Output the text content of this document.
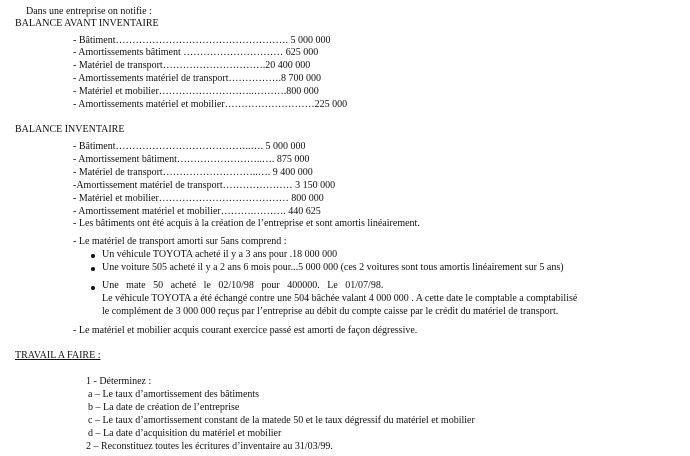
Dans une entreprise on notifie :
BALANCE AVANT INVENTAIRE
- Bâtiment……………………………………………. 5 000 000
- Amortissements bâtiment ………………………… 625 000
- Matériel de transport………………………….20 400 000
- Amortissements matériel de transport…………….8 700 000
- Matériel et mobilier………………………..……….800 000
- Amortissements matériel et mobilier………………………225 000
BALANCE INVENTAIRE
- Bâtiment…………………………………..…. 5 000 000
- Amortissement bâtiment……………………..…. 875 000
- Matériel de transport………………………..…. 9 400 000
-Amortissement matériel de transport………………… 3 150 000
- Matériel et mobilier………………………………… 800 000
- Amortissement matériel et mobilier……….………. 440 625
- Les bâtiments ont été acquis à la création de l’entreprise et sont amortis linéairement.
- Le matériel de transport amorti sur 5ans comprend :
Un véhicule TOYOTA acheté il y a 3 ans pour .18 000 000
Une voiture 505 acheté il y a 2 ans 6 mois pour...5 000 000 (ces 2 voitures sont tous amortis linéairement sur 5 ans)
Une mate 50 acheté le 02/10/98 pour 400000. Le 01/07/98.
Le véhicule TOYOTA a été échangé contre une 504 bâchée valant 4 000 000 . A cette date le comptable a comptabilisé
le complément de 3 000 000 reçus par l’entreprise au débit du compte caisse par le crédit du matériel de transport.
- Le matériel et mobilier acquis courant exercice passé est amorti de façon dégressive.
TRAVAIL A FAIRE :
1 - Déterminez :
a – Le taux d’amortissement des bâtiments
b – La date de création de l’entreprise
c – Le taux d’amortissement constant de la matede 50 et le taux dégressif du matériel et mobilier
d – La date d’acquisition du matériel et mobilier
2 – Reconstituez toutes les écritures d’inventaire au 31/03/99.
